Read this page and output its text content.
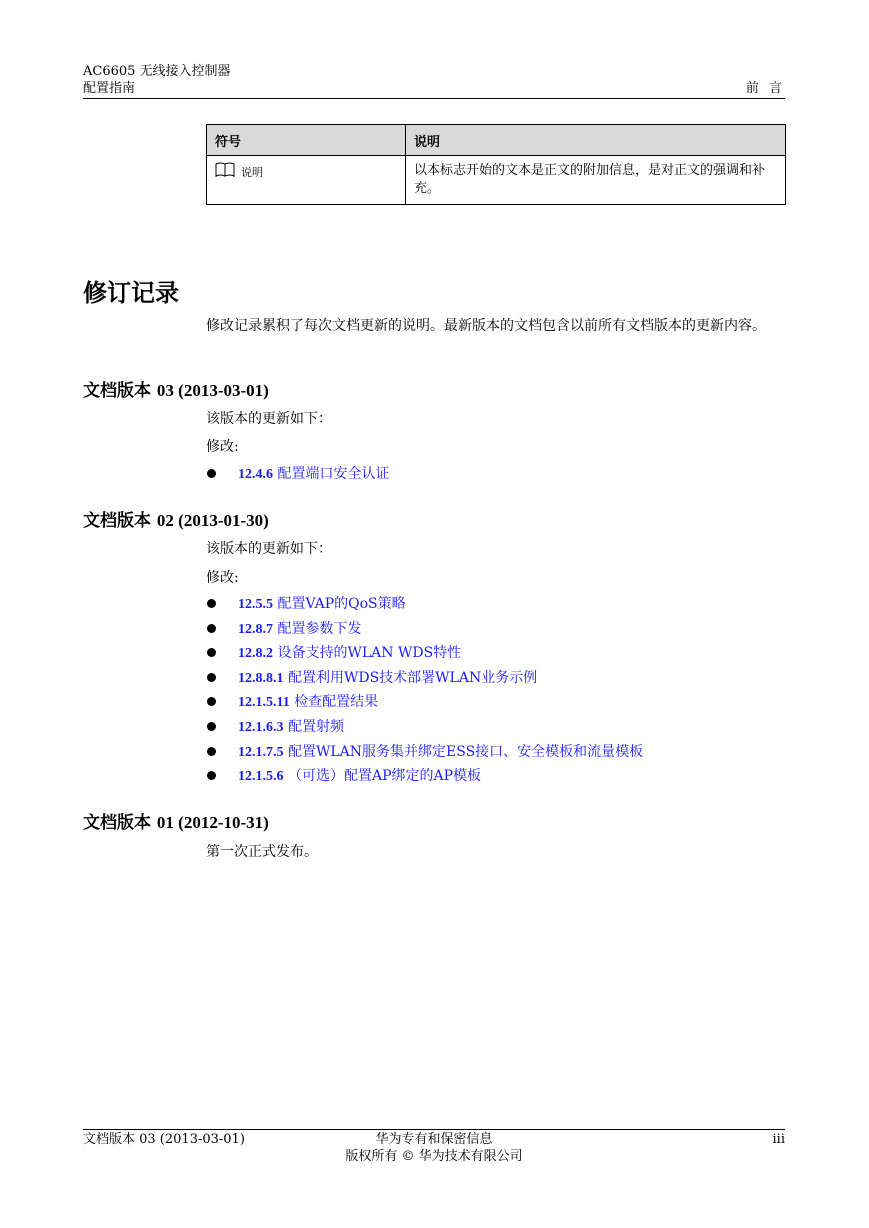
AC6605 无线接入控制器
配置指南	前 言
符号	说明

说明	以本标志开始的文本是正文的附加信息，是对正文的强调和补充。
修订记录

修改记录累积了每次文档更新的说明。最新版本的文档包含以前所有文档版本的更新内容。

文档版本 03 (2013-03-01)

该版本的更新如下：

修改:

12.4.6 配置端口安全认证
文档版本 02 (2013-01-30)

该版本的更新如下：

修改:

12.5.5 配置VAP的QoS策略
12.8.7 配置参数下发
12.8.2 设备支持的WLAN WDS特性
12.8.8.1 配置利用WDS技术部署WLAN业务示例
12.1.5.11 检查配置结果
12.1.6.3 配置射频
12.1.7.5 配置WLAN服务集并绑定ESS接口、安全模板和流量模板
12.1.5.6 （可选）配置AP绑定的AP模板
文档版本 01 (2012-10-31)

第一次正式发布。

文档版本 03 (2013-03-01)	华为专有和保密信息
版权所有 © 华为技术有限公司
iii
